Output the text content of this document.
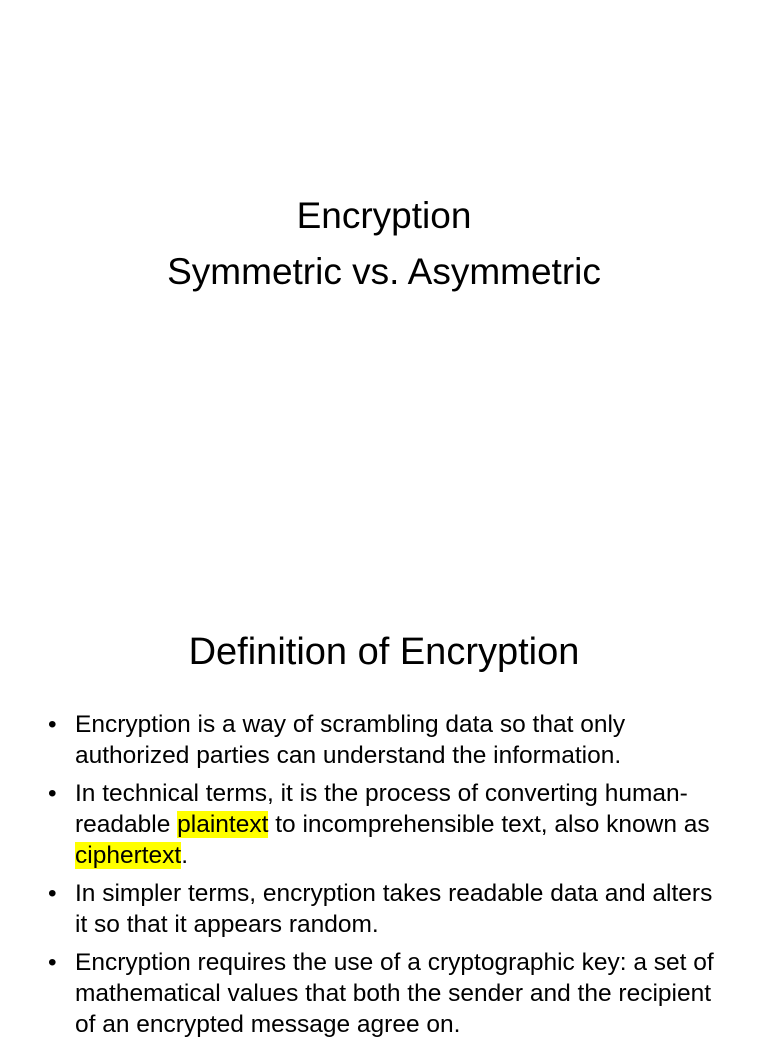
Encryption
Symmetric vs. Asymmetric
Definition of Encryption
• Encryption is a way of scrambling data so that only authorized parties can understand the information.
• In technical terms, it is the process of converting human-readable plaintext to incomprehensible text, also known as ciphertext.
• In simpler terms, encryption takes readable data and alters it so that it appears random.
• Encryption requires the use of a cryptographic key: a set of mathematical values that both the sender and the recipient of an encrypted message agree on.
